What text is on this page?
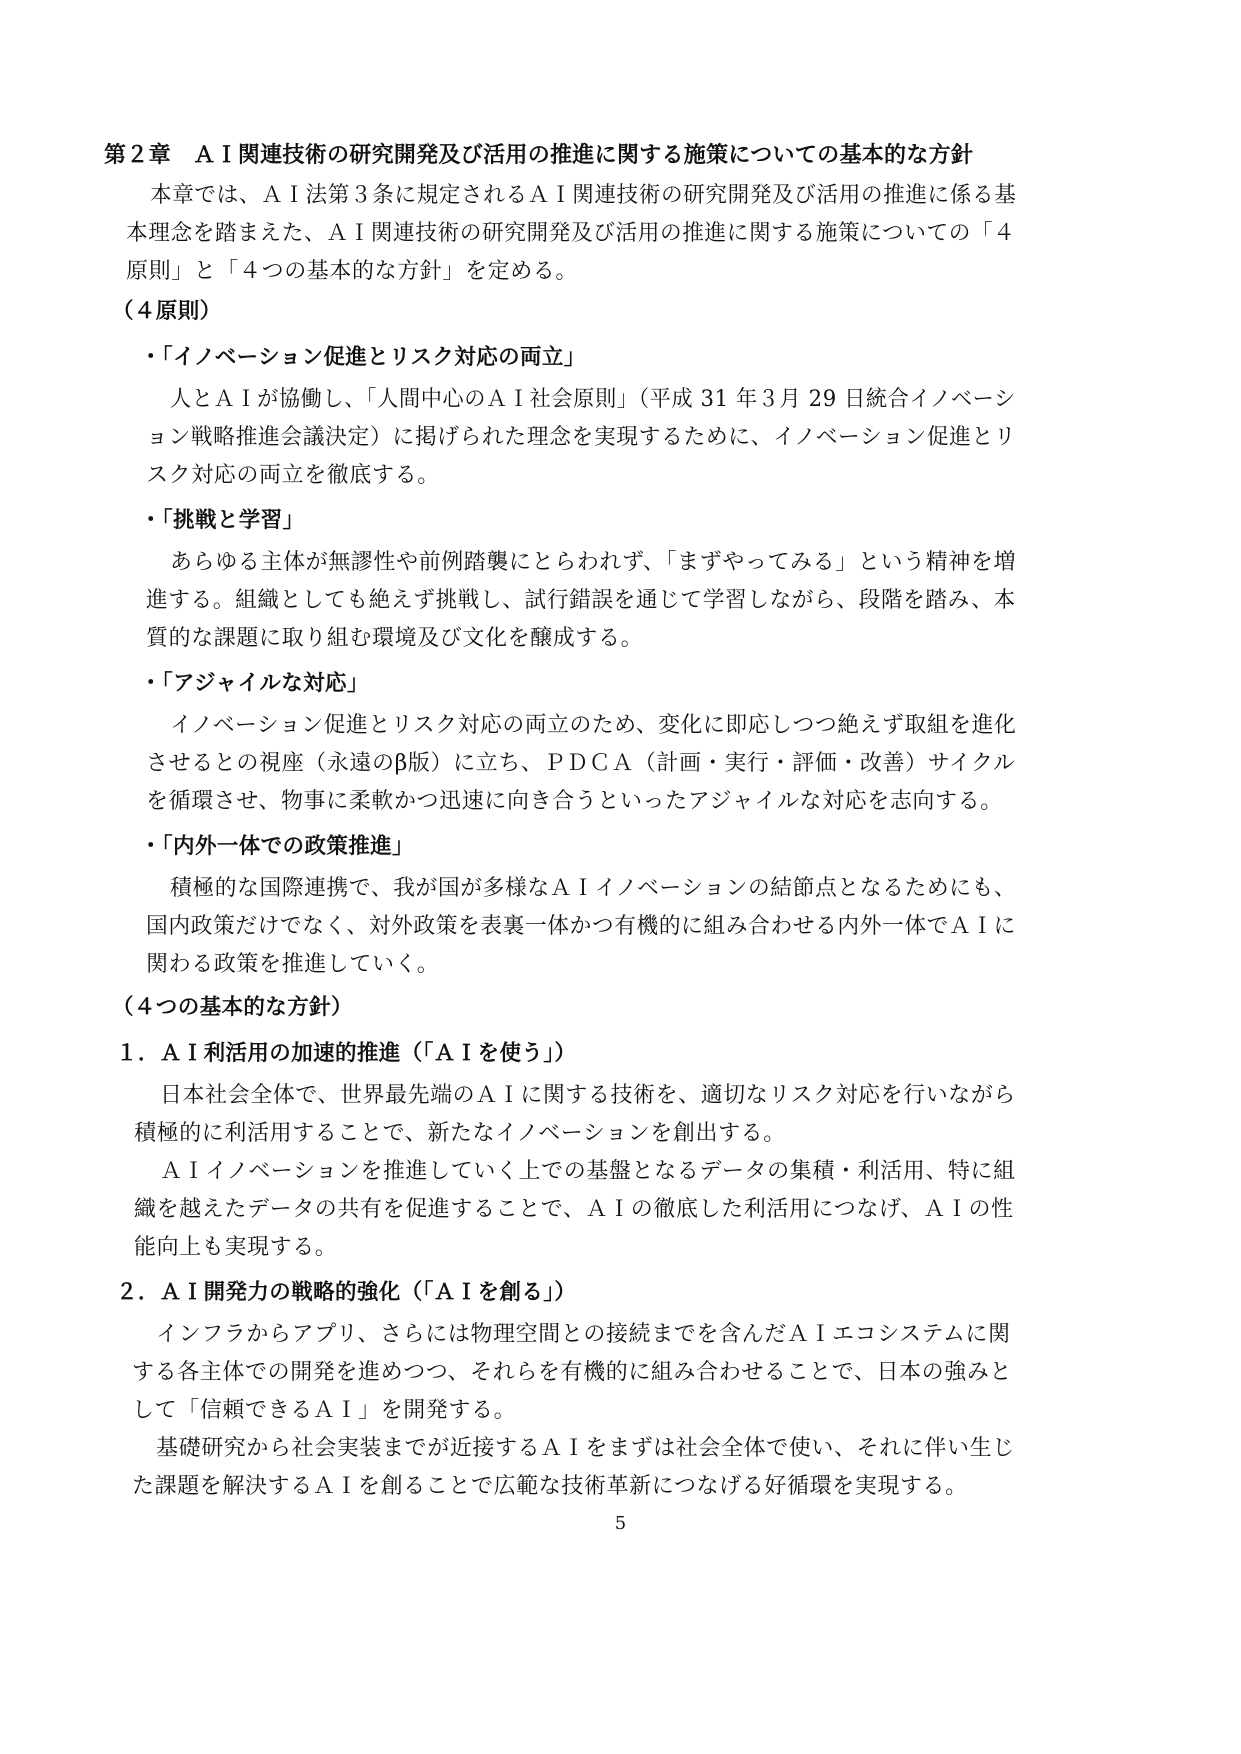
第２章　ＡＩ関連技術の研究開発及び活用の推進に関する施策についての基本的な方針
本章では、ＡＩ法第３条に規定されるＡＩ関連技術の研究開発及び活用の推進に係る基
本理念を踏まえた、ＡＩ関連技術の研究開発及び活用の推進に関する施策についての「４
原則」と「４つの基本的な方針」を定める。
（４原則）
・「イノベーション促進とリスク対応の両立」
人とＡＩが協働し、「人間中心のＡＩ社会原則」（平成 31 年３月 29 日統合イノベーシ
ョン戦略推進会議決定）に掲げられた理念を実現するために、イノベーション促進とリ
スク対応の両立を徹底する。
・「挑戦と学習」
あらゆる主体が無謬性や前例踏襲にとらわれず、「まずやってみる」という精神を増
進する。組織としても絶えず挑戦し、試行錯誤を通じて学習しながら、段階を踏み、本
質的な課題に取り組む環境及び文化を醸成する。
・「アジャイルな対応」
イノベーション促進とリスク対応の両立のため、変化に即応しつつ絶えず取組を進化
させるとの視座（永遠のβ版）に立ち、ＰＤＣＡ（計画・実行・評価・改善）サイクル
を循環させ、物事に柔軟かつ迅速に向き合うといったアジャイルな対応を志向する。
・「内外一体での政策推進」
積極的な国際連携で、我が国が多様なＡＩイノベーションの結節点となるためにも、
国内政策だけでなく、対外政策を表裏一体かつ有機的に組み合わせる内外一体でＡＩに
関わる政策を推進していく。
（４つの基本的な方針）
１．ＡＩ利活用の加速的推進（「ＡＩを使う」）
日本社会全体で、世界最先端のＡＩに関する技術を、適切なリスク対応を行いながら
積極的に利活用することで、新たなイノベーションを創出する。
ＡＩイノベーションを推進していく上での基盤となるデータの集積・利活用、特に組
織を越えたデータの共有を促進することで、ＡＩの徹底した利活用につなげ、ＡＩの性
能向上も実現する。
２．ＡＩ開発力の戦略的強化（「ＡＩを創る」）
インフラからアプリ、さらには物理空間との接続までを含んだＡＩエコシステムに関
する各主体での開発を進めつつ、それらを有機的に組み合わせることで、日本の強みと
して「信頼できるＡＩ」を開発する。
基礎研究から社会実装までが近接するＡＩをまずは社会全体で使い、それに伴い生じ
た課題を解決するＡＩを創ることで広範な技術革新につなげる好循環を実現する。
5
